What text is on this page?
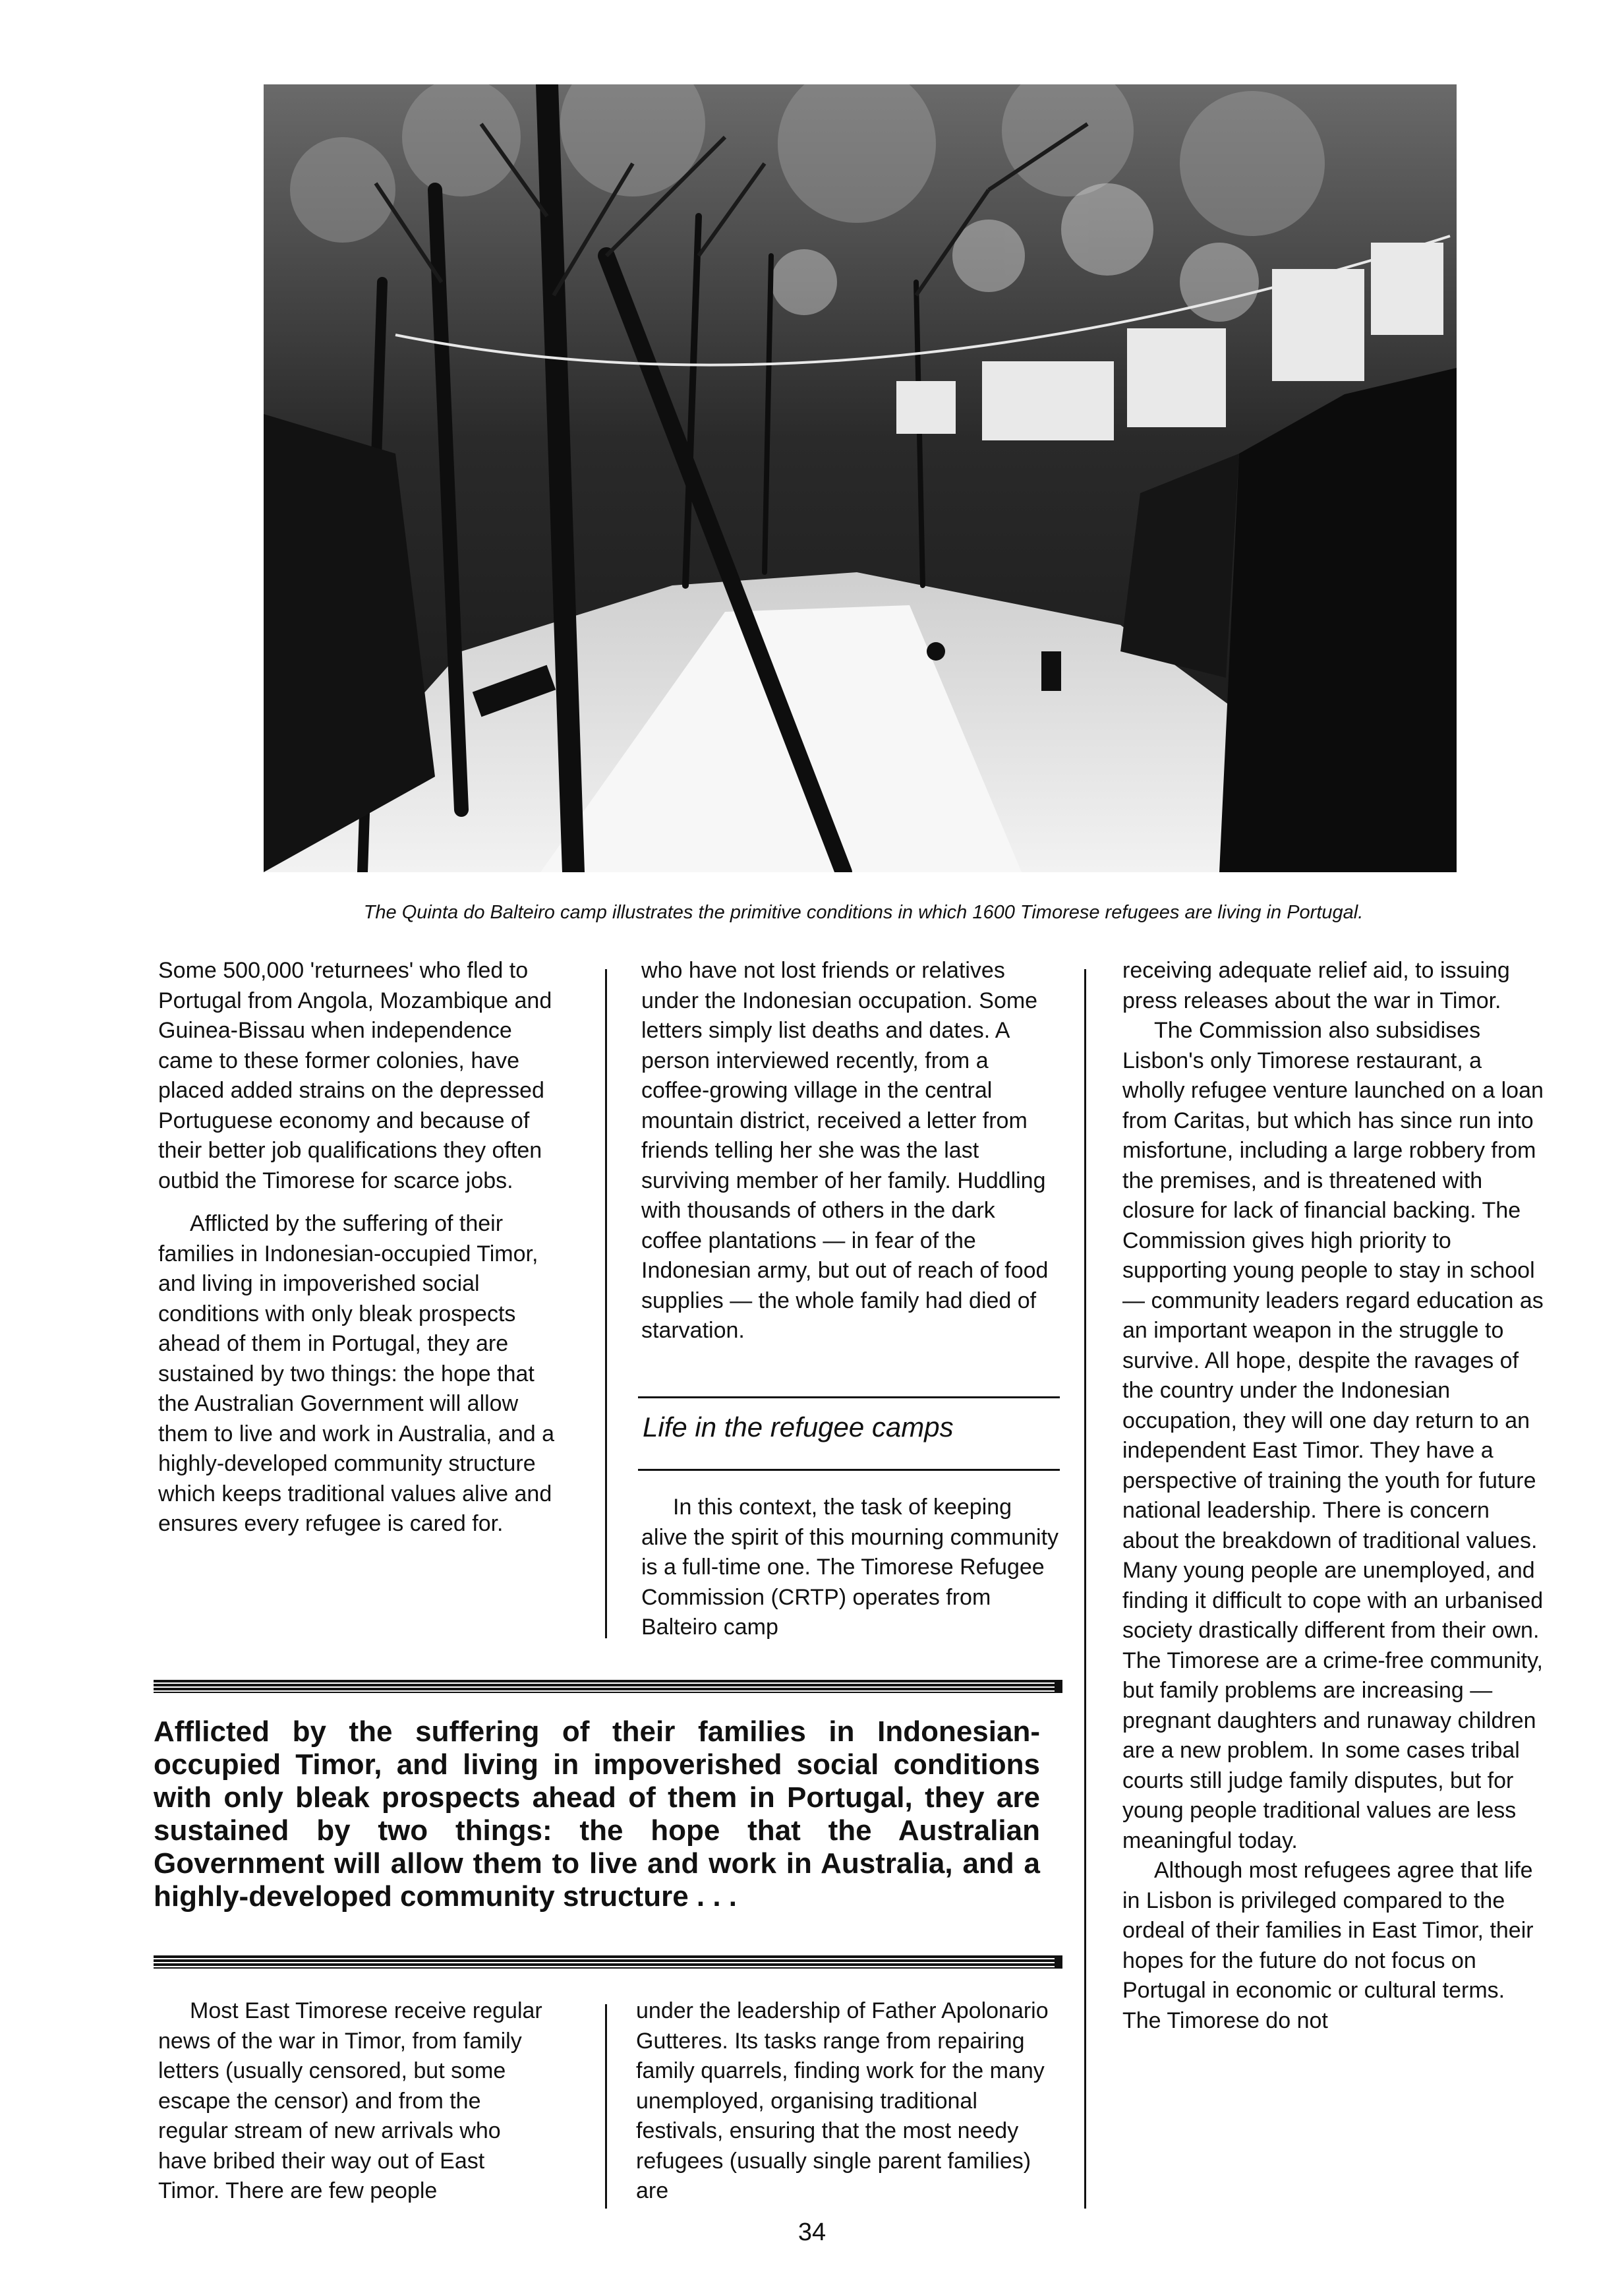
The Quinta do Balteiro camp illustrates the primitive conditions in which 1600 Timorese refugees are living in Portugal.

Some 500,000 'returnees' who fled to Portugal from Angola, Mozambique and Guinea-Bissau when independence came to these former colonies, have placed added strains on the depressed Portuguese economy and because of their better job qualifications they often outbid the Timorese for scarce jobs.

Afflicted by the suffering of their families in Indonesian-occupied Timor, and living in impoverished social conditions with only bleak prospects ahead of them in Portugal, they are sustained by two things: the hope that the Australian Government will allow them to live and work in Australia, and a highly-developed community structure which keeps traditional values alive and ensures every refugee is cared for.

who have not lost friends or relatives under the Indonesian occupation. Some letters simply list deaths and dates. A person interviewed recently, from a coffee-growing village in the central mountain district, received a letter from friends telling her she was the last surviving member of her family. Huddling with thousands of others in the dark coffee plantations — in fear of the Indonesian army, but out of reach of food supplies — the whole family had died of starvation.

Life in the refugee camps

In this context, the task of keeping alive the spirit of this mourning community is a full-time one. The Timorese Refugee Commission (CRTP) operates from Balteiro camp

receiving adequate relief aid, to issuing press releases about the war in Timor.

The Commission also subsidises Lisbon's only Timorese restaurant, a wholly refugee venture launched on a loan from Caritas, but which has since run into misfortune, including a large robbery from the premises, and is threatened with closure for lack of financial backing. The Commission gives high priority to supporting young people to stay in school — community leaders regard education as an important weapon in the struggle to survive. All hope, despite the ravages of the country under the Indonesian occupation, they will one day return to an independent East Timor. They have a perspective of training the youth for future national leadership. There is concern about the breakdown of traditional values. Many young people are unemployed, and finding it difficult to cope with an urbanised society drastically different from their own. The Timorese are a crime-free community, but family problems are increasing — pregnant daughters and runaway children are a new problem. In some cases tribal courts still judge family disputes, but for young people traditional values are less meaningful today.

Although most refugees agree that life in Lisbon is privileged compared to the ordeal of their families in East Timor, their hopes for the future do not focus on Portugal in economic or cultural terms. The Timorese do not

Afflicted by the suffering of their families in Indonesian-occupied Timor, and living in impoverished social conditions with only bleak prospects ahead of them in Portugal, they are sustained by two things: the hope that the Australian Government will allow them to live and work in Australia, and a highly-developed community structure . . .

Most East Timorese receive regular news of the war in Timor, from family letters (usually censored, but some escape the censor) and from the regular stream of new arrivals who have bribed their way out of East Timor. There are few people

under the leadership of Father Apolonario Gutteres. Its tasks range from repairing family quarrels, finding work for the many unemployed, organising traditional festivals, ensuring that the most needy refugees (usually single parent families) are

34
